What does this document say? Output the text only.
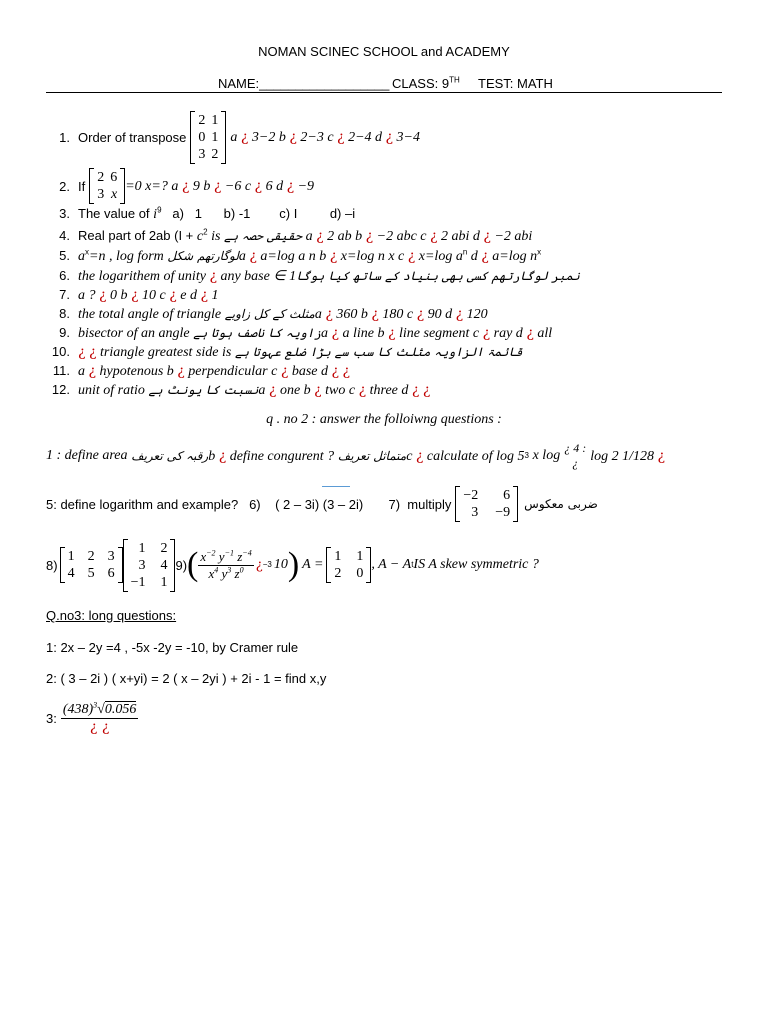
NOMAN SCINEC SCHOOL and ACADEMY
NAME:__________________ CLASS: 9TH TEST: MATH
1. Order of transpose
2	1
0	1
3	2
a ¿ 3−2 b ¿ 2−3 c ¿ 2−4 d ¿ 3−4
2. If
2	6
3	x
=0 x=? a ¿ 9 b ¿ −6 c ¿ 6 d ¿ −9
3. The value of $i^9$   a)   1      b) -1        c) I         d) –i
4. Real part of 2ab ($I + c^2$ is حقیقی حصہ ہے a ¿ 2 ab b ¿ −2 abc c ¿ 2 abi d ¿ −2 abi
5. $a^x=n$ , log form لوگارتھم شکلa ¿ a=log a n b ¿ x=log n x c ¿ x=log $a^n$ d ¿ a=log $n^x$
6. the logarithem of unity ¿ any base ∈ نمبر لوگارتھم کسی بھی بنیاد کے ساتھ کیا ہوگا1
7. a ? ¿ 0 b ¿ 10 c ¿ e d ¿ 1
8. the total angle of triangle مثلث کے کل زاویےa ¿ 360 b ¿ 180 c ¿ 90 d ¿ 120
9. bisector of an angle زاویہ کا ناصف ہوتا ہےa ¿ a line b ¿ line segment c ¿ ray d ¿ all
10. ¿ ¿ triangle greatest side is قائمۃ الزاویہ مثلث کا سب سے بڑا ضلع عہوتا ہے
11. a ¿ hypotenous b ¿ perpendicular c ¿ base d ¿ ¿
12. unit of ratio نسبت کا یونٹ ہےa ¿ one b ¿ two c ¿ three d ¿ ¿
q . no 2 : answer the folloiwng questions :
1 : define area
رقبہ کی تعریف b ¿ define congurent ?
متماثل تعریف c ¿ calculate of log 5 3
x log ¿ 4 :
¿ log 2 1/128 ¿
5: define logarithm and example?   6)    ( 2 – 3i) (3 – 2i)       7)  multiply
−2	6
3	−9
ضربی معکوس
8)
1	2	3
4	5	6
1	2
3	4
−1	1
9) ( $\frac{x^{-2} y^{-1} z^{-4}}{x^4 y^3 z^0}$ ¿ −3 10 ) A =
1	1
2	0
, A − A t IS A skew symmetric ?
Q.no3: long questions:
1: 2x – 2y =4 , -5x -2y = -10, by Cramer rule
2: ( 3 – 2i ) ( x+yi) = 2 ( x – 2yi ) + 2i - 1 = find x,y
3: $\frac{(438)^3√0.056}{¿ ¿}$
